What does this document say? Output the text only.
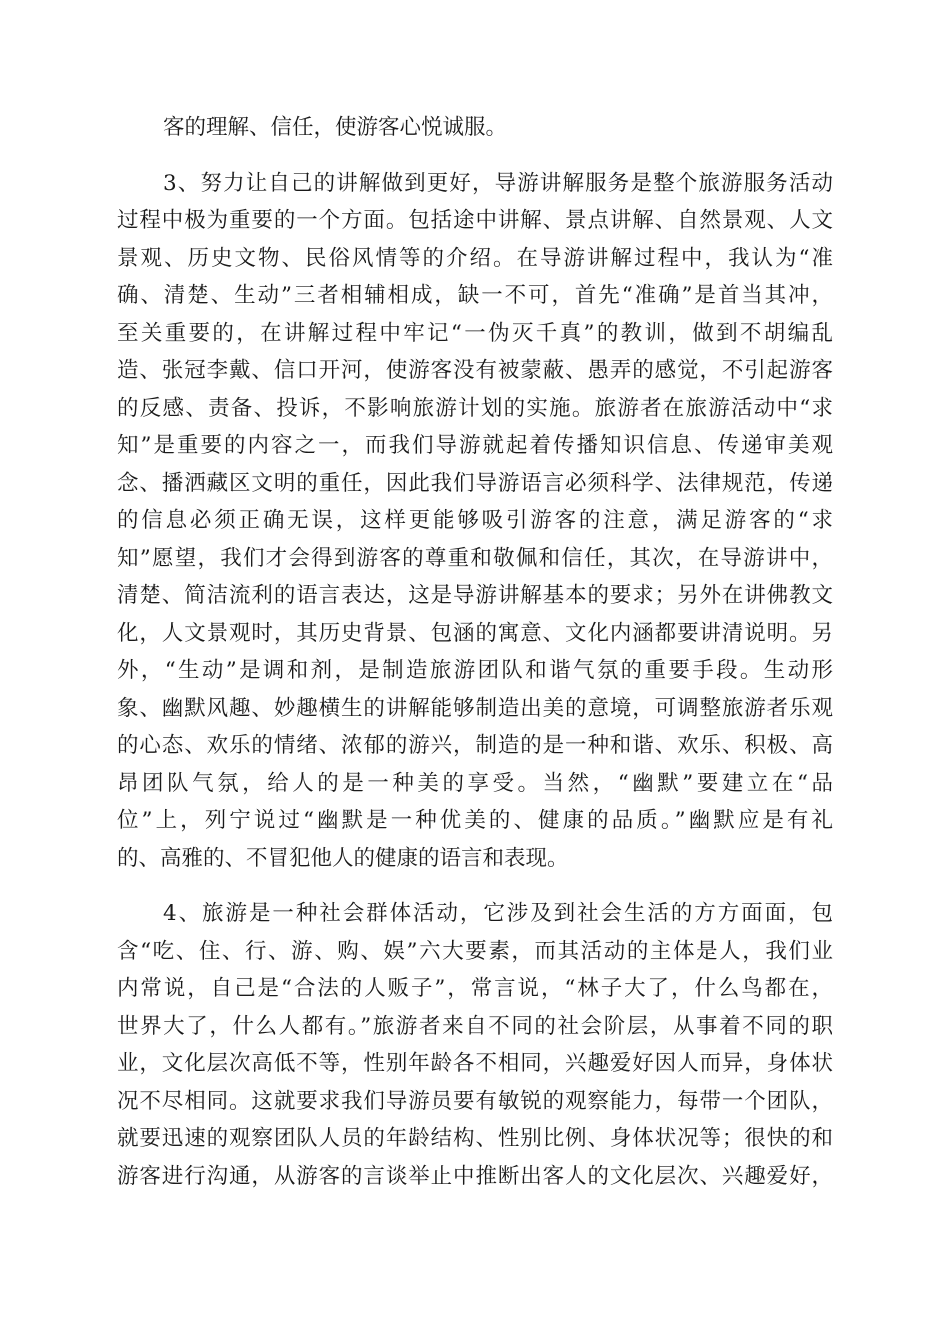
客的理解、信任，使游客心悦诚服。
3、努力让自己的讲解做到更好，导游讲解服务是整个旅游服务活动
过程中极为重要的一个方面。包括途中讲解、景点讲解、自然景观、人文
景观、历史文物、民俗风情等的介绍。在导游讲解过程中，我认为“准
确、清楚、生动”三者相辅相成，缺一不可，首先“准确”是首当其冲，
至关重要的，在讲解过程中牢记“一伪灭千真”的教训，做到不胡编乱
造、张冠李戴、信口开河，使游客没有被蒙蔽、愚弄的感觉，不引起游客
的反感、责备、投诉，不影响旅游计划的实施。旅游者在旅游活动中“求
知”是重要的内容之一，而我们导游就起着传播知识信息、传递审美观
念、播洒藏区文明的重任，因此我们导游语言必须科学、法律规范，传递
的信息必须正确无误，这样更能够吸引游客的注意，满足游客的“求
知”愿望，我们才会得到游客的尊重和敬佩和信任，其次，在导游讲中，
清楚、简洁流利的语言表达，这是导游讲解基本的要求；另外在讲佛教文
化，人文景观时，其历史背景、包涵的寓意、文化内涵都要讲清说明。另
外，“生动”是调和剂，是制造旅游团队和谐气氛的重要手段。生动形
象、幽默风趣、妙趣横生的讲解能够制造出美的意境，可调整旅游者乐观
的心态、欢乐的情绪、浓郁的游兴，制造的是一种和谐、欢乐、积极、高
昂团队气氛，给人的是一种美的享受。当然，“幽默”要建立在“品
位”上，列宁说过“幽默是一种优美的、健康的品质。”幽默应是有礼
的、高雅的、不冒犯他人的健康的语言和表现。
4、旅游是一种社会群体活动，它涉及到社会生活的方方面面，包
含“吃、住、行、游、购、娱”六大要素，而其活动的主体是人，我们业
内常说，自己是“合法的人贩子”，常言说，“林子大了，什么鸟都在，
世界大了，什么人都有。”旅游者来自不同的社会阶层，从事着不同的职
业，文化层次高低不等，性别年龄各不相同，兴趣爱好因人而异，身体状
况不尽相同。这就要求我们导游员要有敏锐的观察能力，每带一个团队，
就要迅速的观察团队人员的年龄结构、性别比例、身体状况等；很快的和
游客进行沟通，从游客的言谈举止中推断出客人的文化层次、兴趣爱好，
